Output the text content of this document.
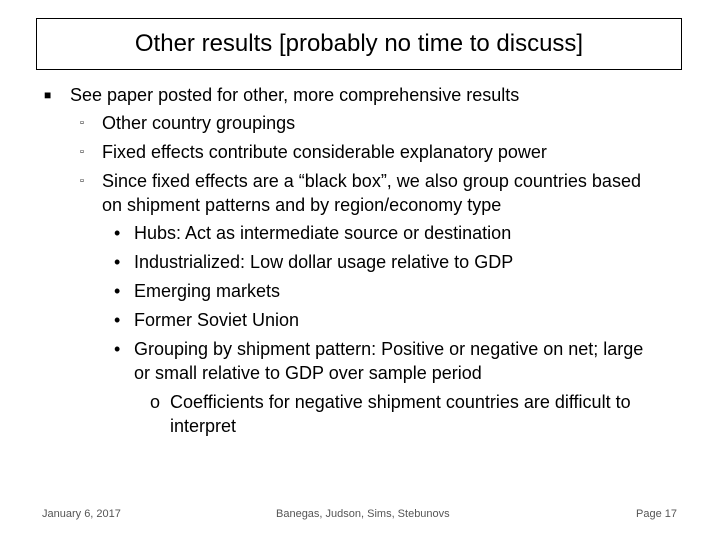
Other results [probably no time to discuss]
■ See paper posted for other, more comprehensive results
▫ Other country groupings
▫ Fixed effects contribute considerable explanatory power
▫ Since fixed effects are a “black box”, we also group countries based
on shipment patterns and by region/economy type
• Hubs: Act as intermediate source or destination
• Industrialized: Low dollar usage relative to GDP
• Emerging markets
• Former Soviet Union
• Grouping by shipment pattern: Positive or negative on net; large
or small relative to GDP over sample period
o Coefficients for negative shipment countries are difficult to
interpret
January 6, 2017	Banegas, Judson, Sims, Stebunovs	Page 17
